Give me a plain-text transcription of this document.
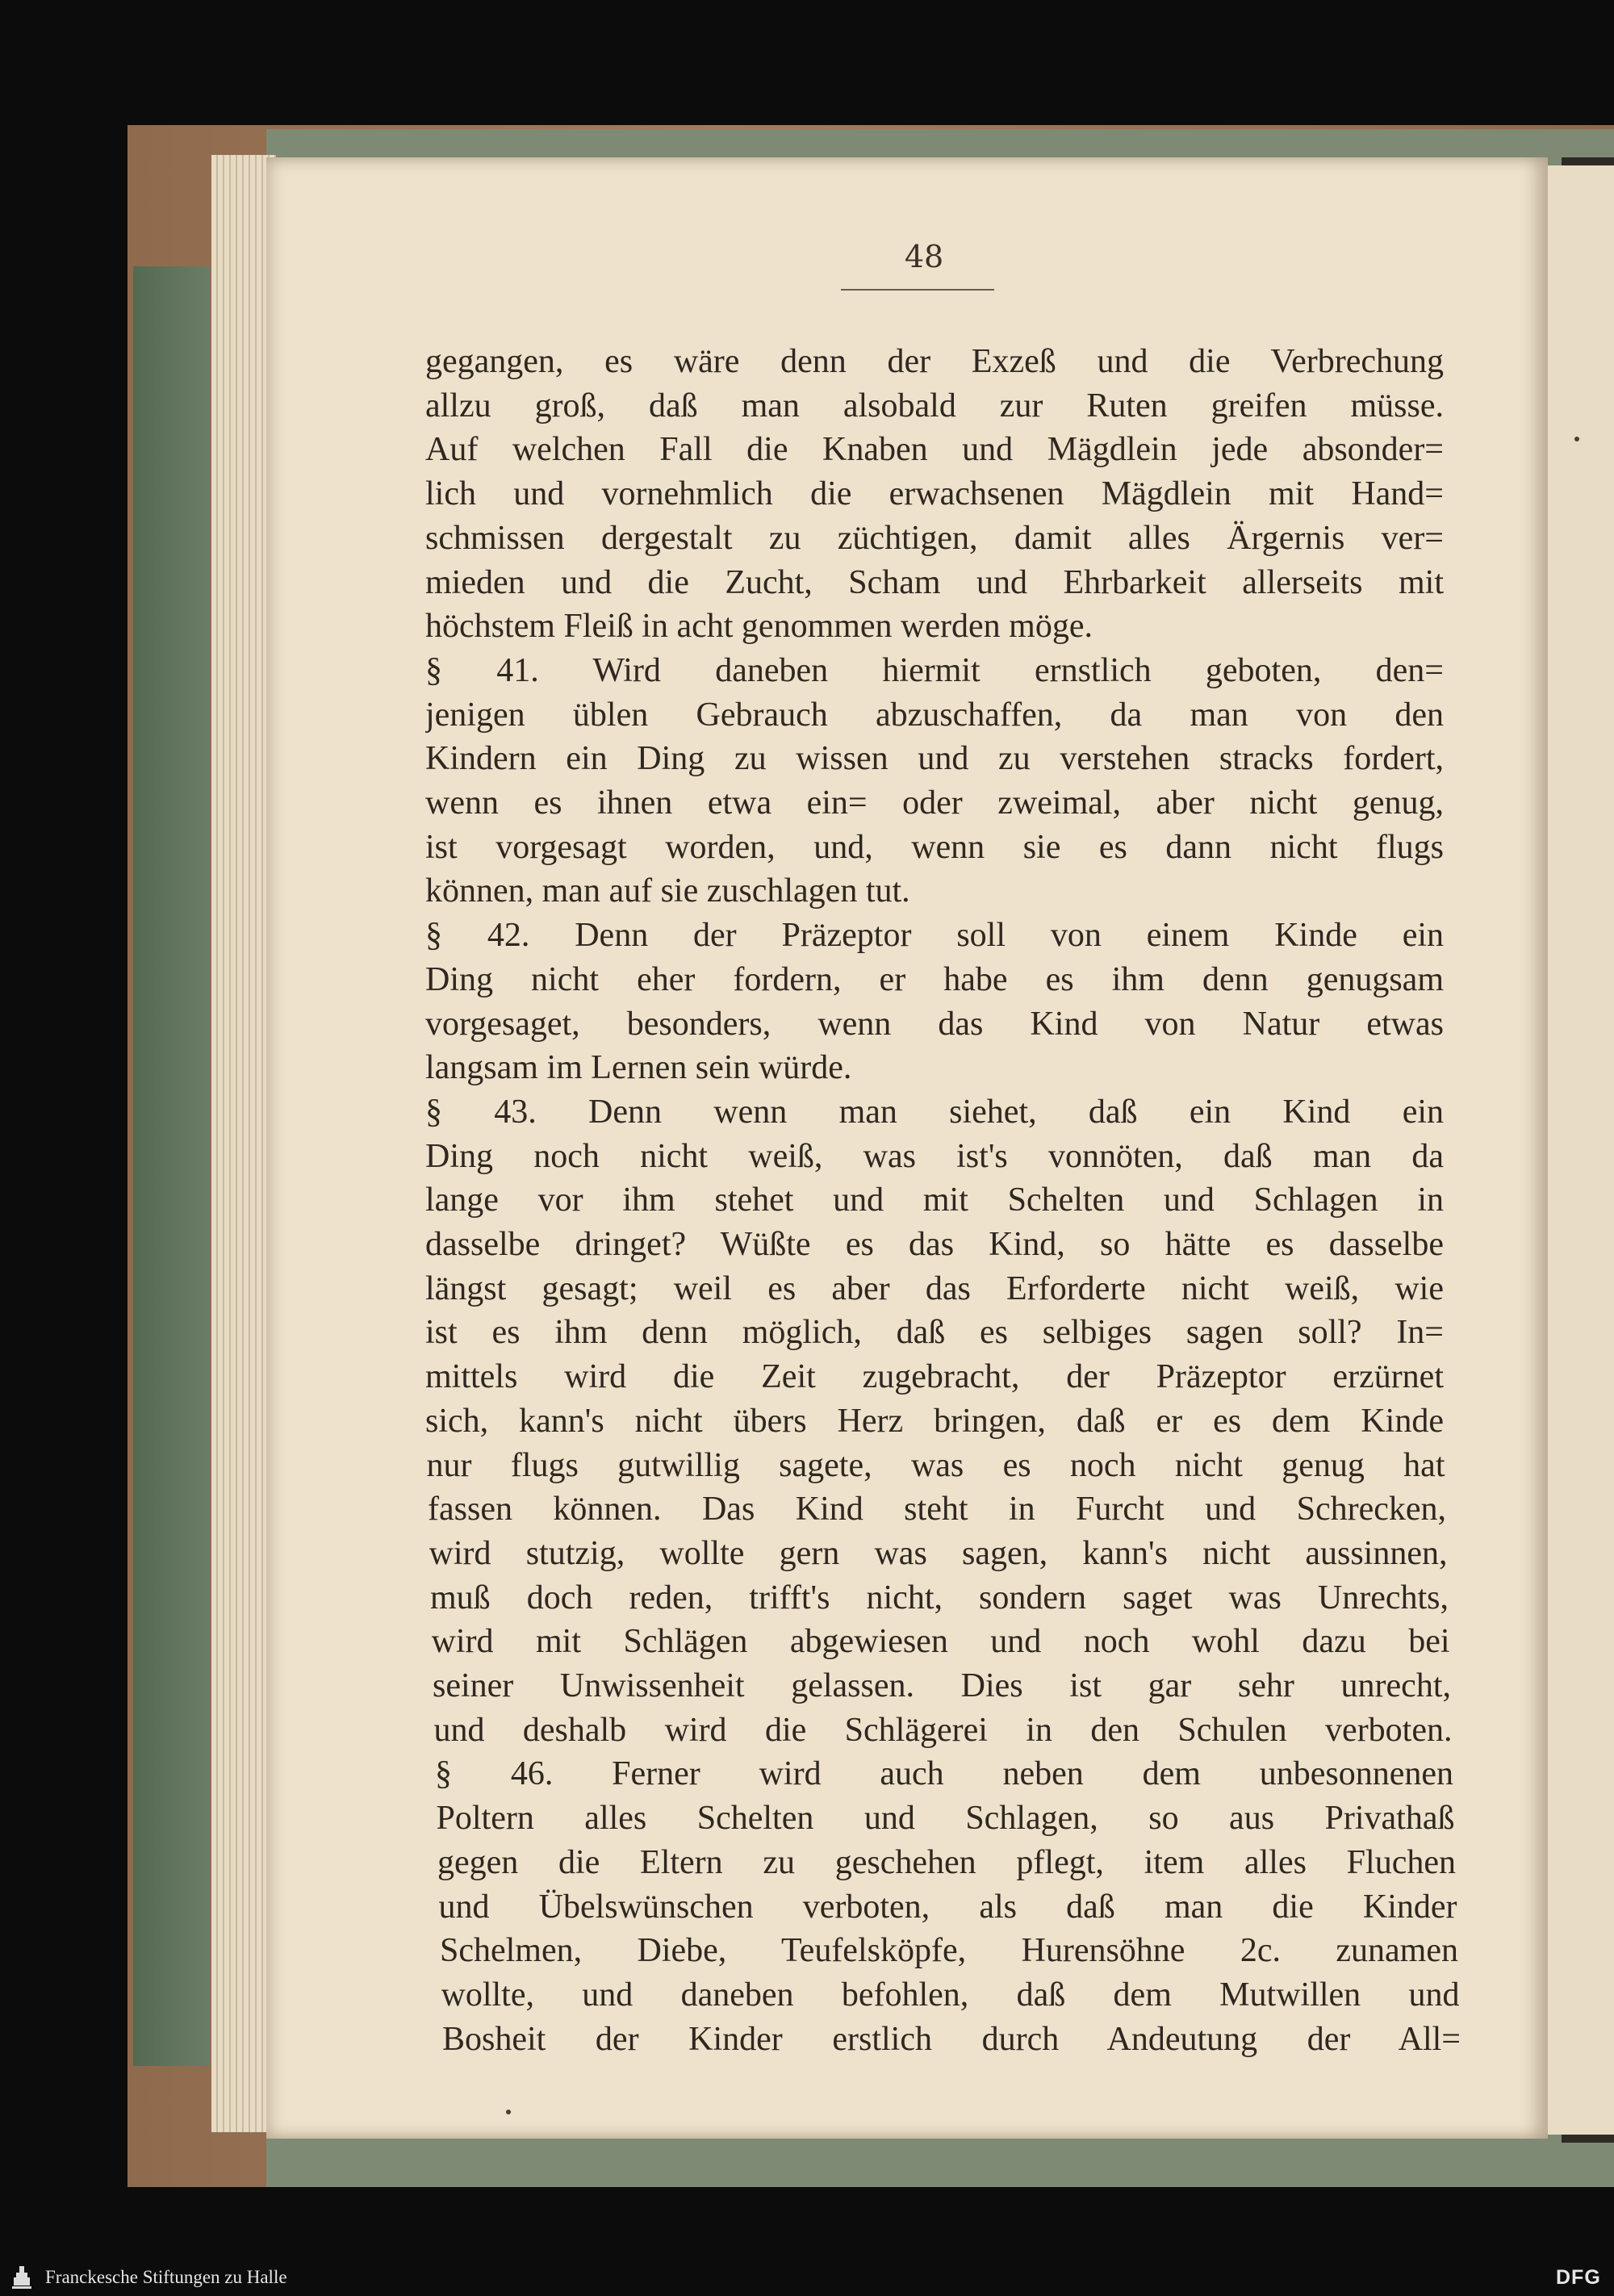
48
gegangen, es wäre denn der Exzeß und die Verbrechung
allzu groß, daß man alsobald zur Ruten greifen müsse.
Auf welchen Fall die Knaben und Mägdlein jede absonder=
lich und vornehmlich die erwachsenen Mägdlein mit Hand=
schmissen dergestalt zu züchtigen, damit alles Ärgernis ver=
mieden und die Zucht, Scham und Ehrbarkeit allerseits mit
höchstem Fleiß in acht genommen werden möge.
§ 41. Wird daneben hiermit ernstlich geboten, den=
jenigen üblen Gebrauch abzuschaffen, da man von den
Kindern ein Ding zu wissen und zu verstehen stracks fordert,
wenn es ihnen etwa ein= oder zweimal, aber nicht genug,
ist vorgesagt worden, und, wenn sie es dann nicht flugs
können, man auf sie zuschlagen tut.
§ 42. Denn der Präzeptor soll von einem Kinde ein
Ding nicht eher fordern, er habe es ihm denn genugsam
vorgesaget, besonders, wenn das Kind von Natur etwas
langsam im Lernen sein würde.
§ 43. Denn wenn man siehet, daß ein Kind ein
Ding noch nicht weiß, was ist's vonnöten, daß man da
lange vor ihm stehet und mit Schelten und Schlagen in
dasselbe dringet? Wüßte es das Kind, so hätte es dasselbe
längst gesagt; weil es aber das Erforderte nicht weiß, wie
ist es ihm denn möglich, daß es selbiges sagen soll? In=
mittels wird die Zeit zugebracht, der Präzeptor erzürnet
sich, kann's nicht übers Herz bringen, daß er es dem Kinde
nur flugs gutwillig sagete, was es noch nicht genug hat
fassen können. Das Kind steht in Furcht und Schrecken,
wird stutzig, wollte gern was sagen, kann's nicht aussinnen,
muß doch reden, trifft's nicht, sondern saget was Unrechts,
wird mit Schlägen abgewiesen und noch wohl dazu bei
seiner Unwissenheit gelassen. Dies ist gar sehr unrecht,
und deshalb wird die Schlägerei in den Schulen verboten.
§ 46. Ferner wird auch neben dem unbesonnenen
Poltern alles Schelten und Schlagen, so aus Privathaß
gegen die Eltern zu geschehen pflegt, item alles Fluchen
und Übelswünschen verboten, als daß man die Kinder
Schelmen, Diebe, Teufelsköpfe, Hurensöhne 2c. zunamen
wollte, und daneben befohlen, daß dem Mutwillen und
Bosheit der Kinder erstlich durch Andeutung der All=
Franckesche Stiftungen zu Halle	DFG
